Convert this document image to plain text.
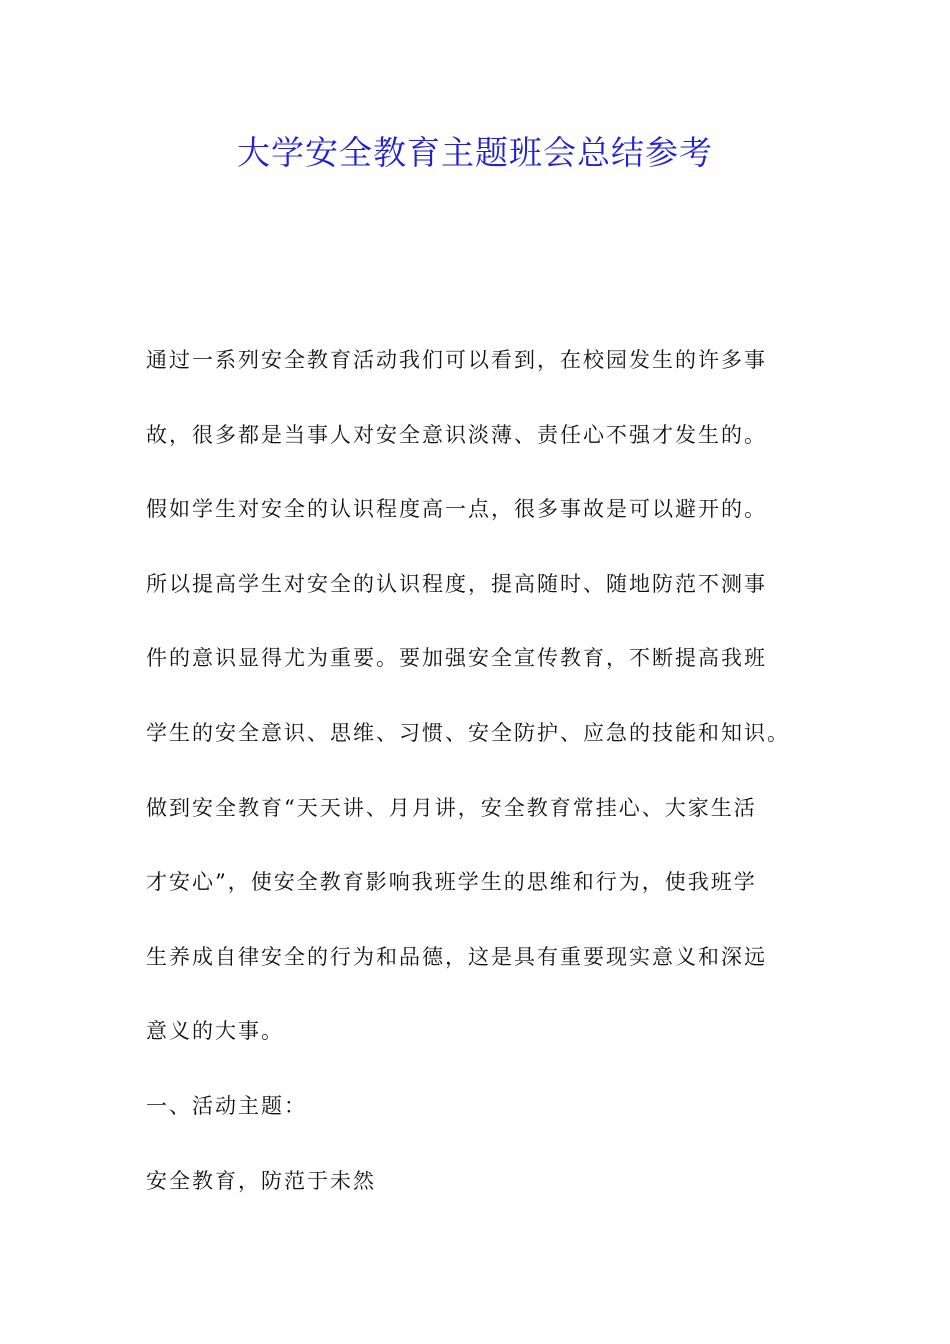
大学安全教育主题班会总结参考
通过一系列安全教育活动我们可以看到，在校园发生的许多事
故，很多都是当事人对安全意识淡薄、责任心不强才发生的。
假如学生对安全的认识程度高一点，很多事故是可以避开的。
所以提高学生对安全的认识程度，提高随时、随地防范不测事
件的意识显得尤为重要。要加强安全宣传教育，不断提高我班
学生的安全意识、思维、习惯、安全防护、应急的技能和知识。
做到安全教育“天天讲、月月讲，安全教育常挂心、大家生活
才安心”，使安全教育影响我班学生的思维和行为，使我班学
生养成自律安全的行为和品德，这是具有重要现实意义和深远
意义的大事。
一、活动主题：
安全教育，防范于未然
